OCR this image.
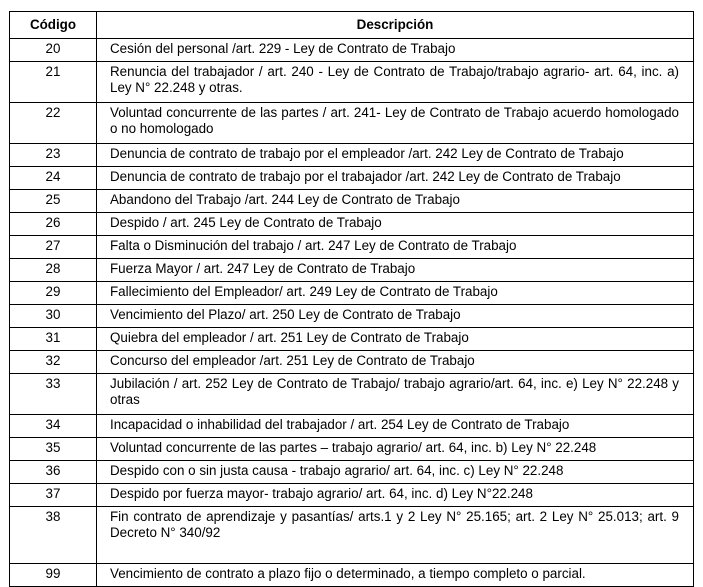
Código	Descripción
20	Cesión del personal /art. 229 - Ley de Contrato de Trabajo
21	Renuncia del trabajador / art. 240 - Ley de Contrato de Trabajo/trabajo agrario- art. 64, inc. a) Ley N° 22.248 y otras.
22	Voluntad concurrente de las partes / art. 241- Ley de Contrato de Trabajo acuerdo homologado o no homologado
23	Denuncia de contrato de trabajo por el empleador /art. 242 Ley de Contrato de Trabajo
24	Denuncia de contrato de trabajo por el trabajador /art. 242 Ley de Contrato de Trabajo
25	Abandono del Trabajo /art. 244 Ley de Contrato de Trabajo
26	Despido / art. 245 Ley de Contrato de Trabajo
27	Falta o Disminución del trabajo / art. 247 Ley de Contrato de Trabajo
28	Fuerza Mayor / art. 247 Ley de Contrato de Trabajo
29	Fallecimiento del Empleador/ art. 249 Ley de Contrato de Trabajo
30	Vencimiento del Plazo/ art. 250 Ley de Contrato de Trabajo
31	Quiebra del empleador / art. 251 Ley de Contrato de Trabajo
32	Concurso del empleador /art. 251 Ley de Contrato de Trabajo
33	Jubilación / art. 252 Ley de Contrato de Trabajo/ trabajo agrario/art. 64, inc. e) Ley N° 22.248 y otras
34	Incapacidad o inhabilidad del trabajador / art. 254 Ley de Contrato de Trabajo
35	Voluntad concurrente de las partes – trabajo agrario/ art. 64, inc. b) Ley N° 22.248
36	Despido con o sin justa causa - trabajo agrario/ art. 64, inc. c) Ley N° 22.248
37	Despido por fuerza mayor- trabajo agrario/ art. 64, inc. d) Ley N°22.248
38	Fin contrato de aprendizaje y pasantías/ arts.1 y 2 Ley N° 25.165; art. 2 Ley N° 25.013; art. 9 Decreto N° 340/92
99	Vencimiento de contrato a plazo fijo o determinado, a tiempo completo o parcial.
